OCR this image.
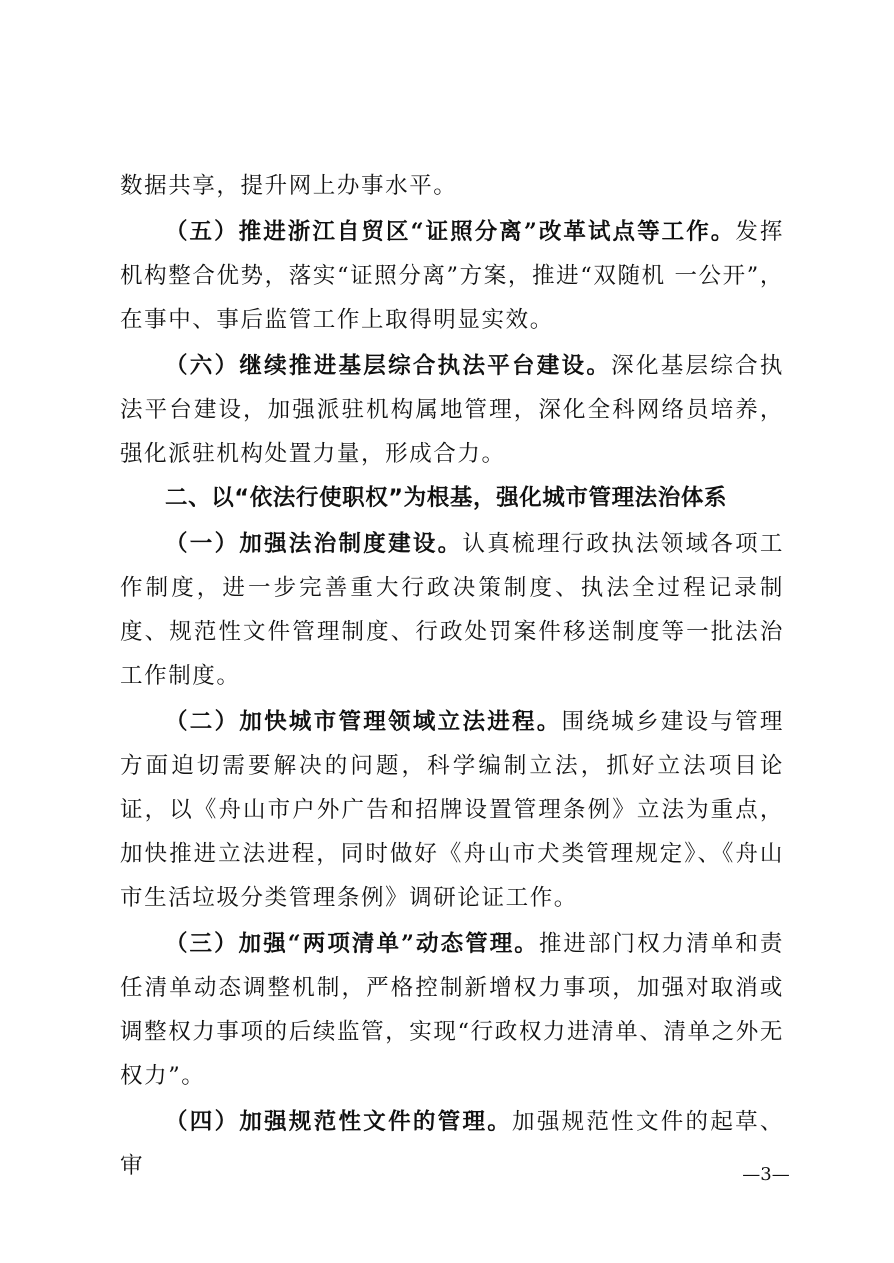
数据共享，提升网上办事水平。

（五）推进浙江自贸区“证照分离”改革试点等工作。发挥机构整合优势，落实“证照分离”方案，推进“双随机 一公开”，在事中、事后监管工作上取得明显实效。

（六）继续推进基层综合执法平台建设。深化基层综合执法平台建设，加强派驻机构属地管理，深化全科网络员培养，强化派驻机构处置力量，形成合力。

二、以“依法行使职权”为根基，强化城市管理法治体系

（一）加强法治制度建设。认真梳理行政执法领域各项工作制度，进一步完善重大行政决策制度、执法全过程记录制度、规范性文件管理制度、行政处罚案件移送制度等一批法治工作制度。

（二）加快城市管理领域立法进程。围绕城乡建设与管理方面迫切需要解决的问题，科学编制立法，抓好立法项目论证，以《舟山市户外广告和招牌设置管理条例》立法为重点，加快推进立法进程，同时做好《舟山市犬类管理规定》、《舟山市生活垃圾分类管理条例》调研论证工作。

（三）加强“两项清单”动态管理。推进部门权力清单和责任清单动态调整机制，严格控制新增权力事项，加强对取消或调整权力事项的后续监管，实现“行政权力进清单、清单之外无权力”。

（四）加强规范性文件的管理。加强规范性文件的起草、审	—3—
